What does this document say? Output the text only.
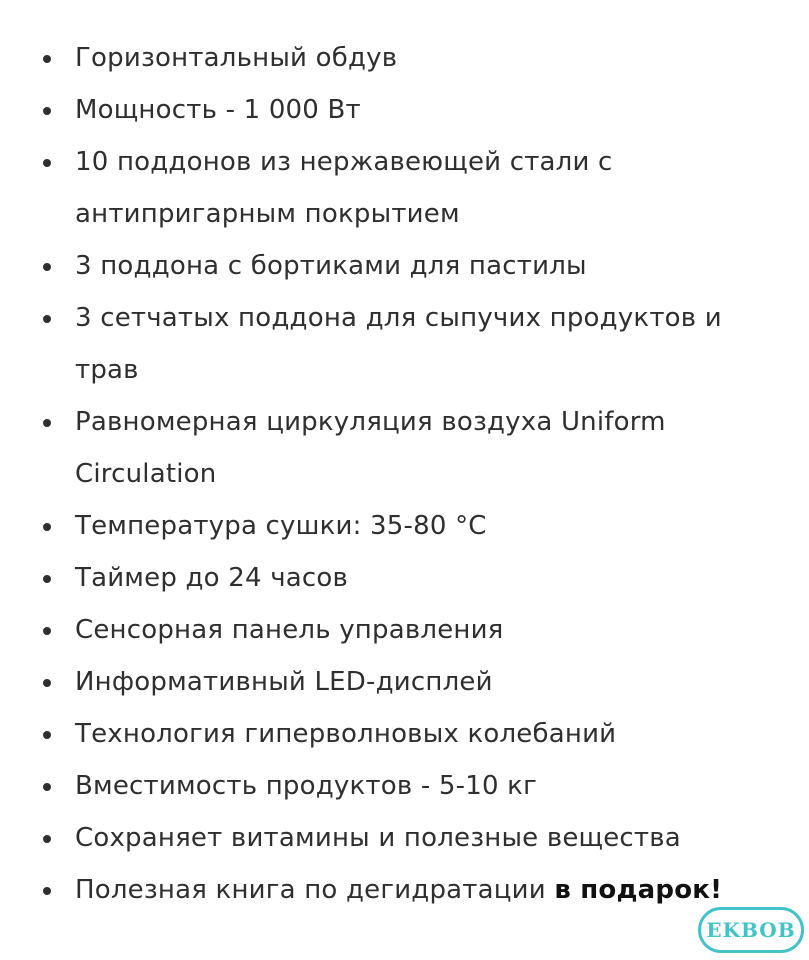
Горизонтальный обдув
Мощность - 1 000 Вт
10 поддонов из нержавеющей стали с
антипригарным покрытием
3 поддона с бортиками для пастилы
3 сетчатых поддона для сыпучих продуктов и
трав
Равномерная циркуляция воздуха Uniform
Circulation
Температура сушки: 35-80 °C
Таймер до 24 часов
Сенсорная панель управления
Информативный LED-дисплей
Технология гиперволновых колебаний
Вместимость продуктов - 5-10 кг
Сохраняет витамины и полезные вещества
Полезная книга по дегидратации в подарок!
EKBOB
